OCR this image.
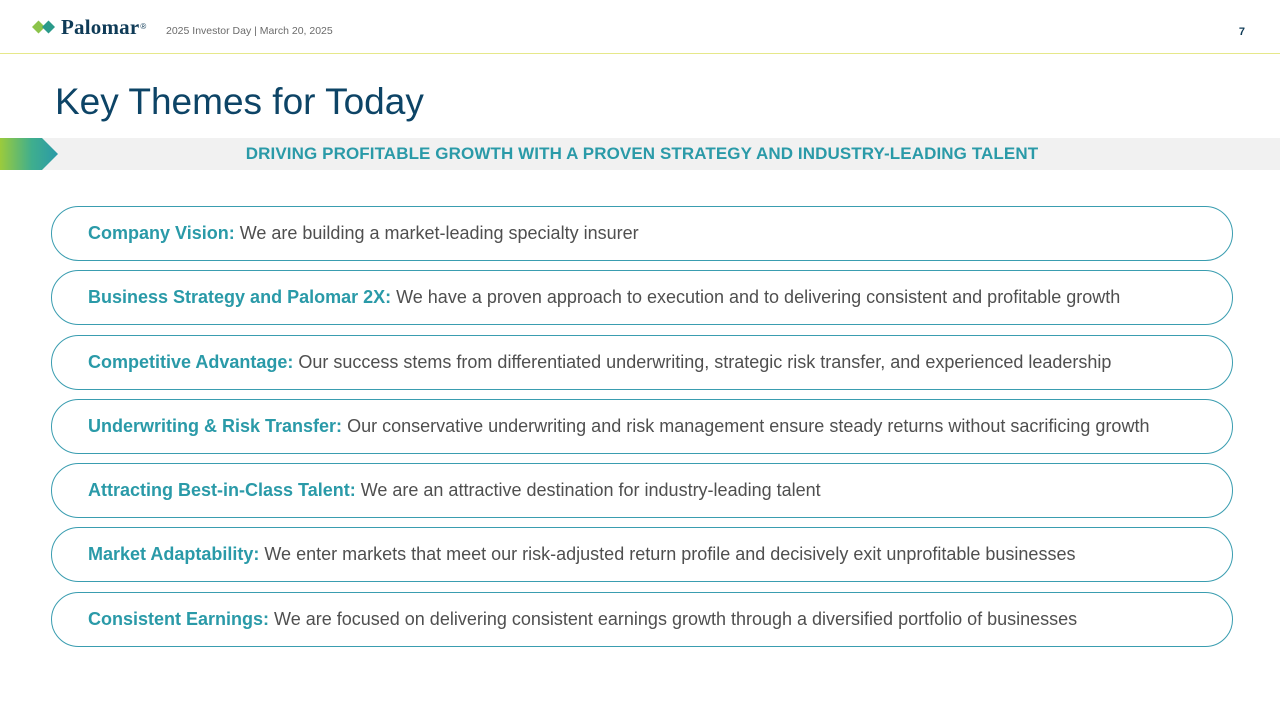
Palomar ® 2025 Investor Day | March 20, 2025	7
Key Themes for Today
DRIVING PROFITABLE GROWTH WITH A PROVEN STRATEGY AND INDUSTRY-LEADING TALENT
Company Vision:
We are building a market-leading specialty insurer
Business Strategy and Palomar 2X:
We have a proven approach to execution and to delivering consistent and profitable growth
Competitive Advantage:
Our success stems from differentiated underwriting, strategic risk transfer, and experienced leadership
Underwriting & Risk Transfer:
Our conservative underwriting and risk management ensure steady returns without sacrificing growth
Attracting Best-in-Class Talent:
We are an attractive destination for industry-leading talent
Market Adaptability:
We enter markets that meet our risk-adjusted return profile and decisively exit unprofitable businesses
Consistent Earnings:
We are focused on delivering consistent earnings growth through a diversified portfolio of businesses
